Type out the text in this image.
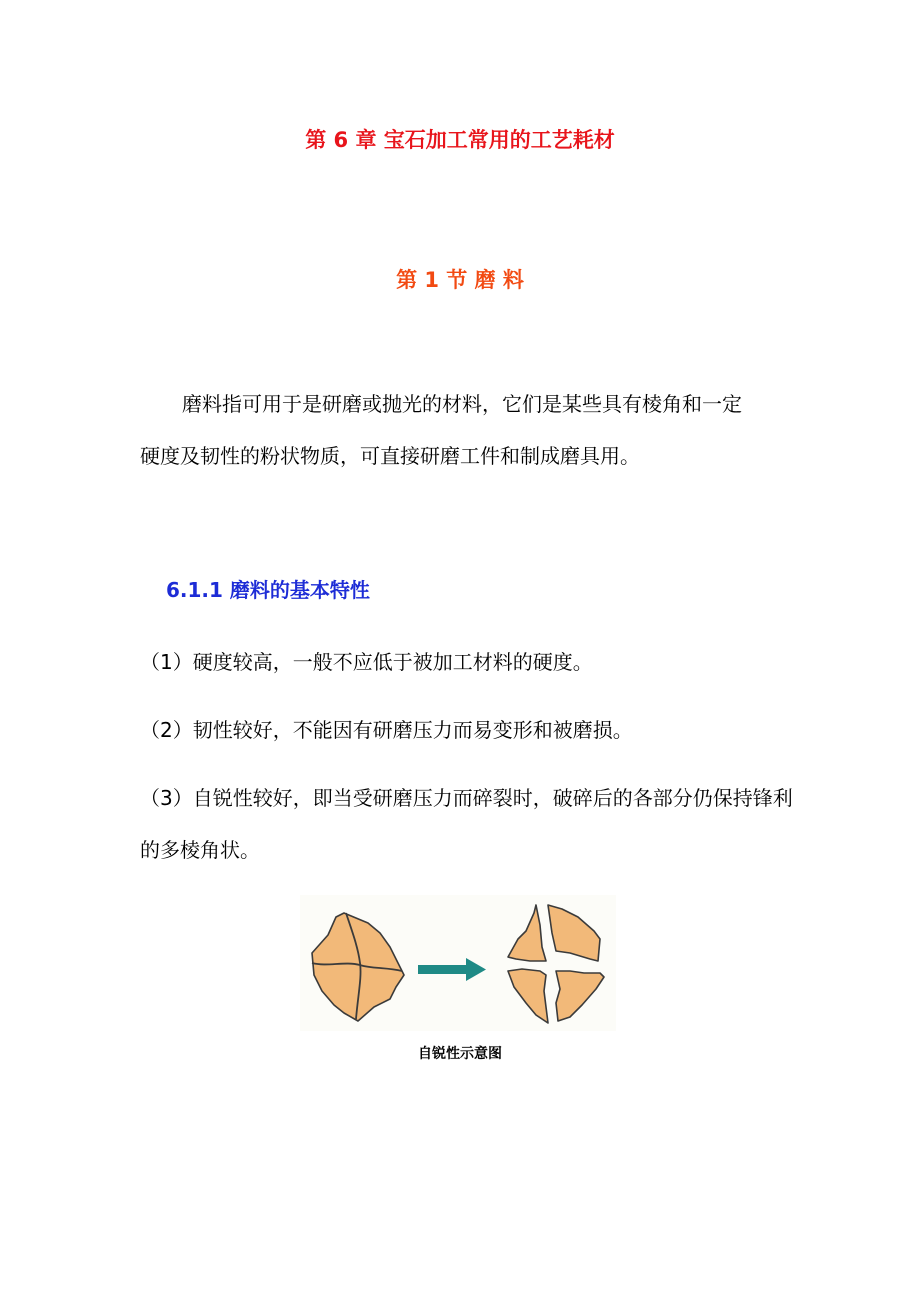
第 6 章 宝石加工常用的工艺耗材
第 1 节 磨 料
磨料指可用于是研磨或抛光的材料，它们是某些具有棱角和一定
硬度及韧性的粉状物质，可直接研磨工件和制成磨具用。
6.1.1 磨料的基本特性
（1）硬度较高，一般不应低于被加工材料的硬度。
（2）韧性较好，不能因有研磨压力而易变形和被磨损。
（3）自锐性较好，即当受研磨压力而碎裂时，破碎后的各部分仍保持锋利的多棱角状。
自锐性示意图
